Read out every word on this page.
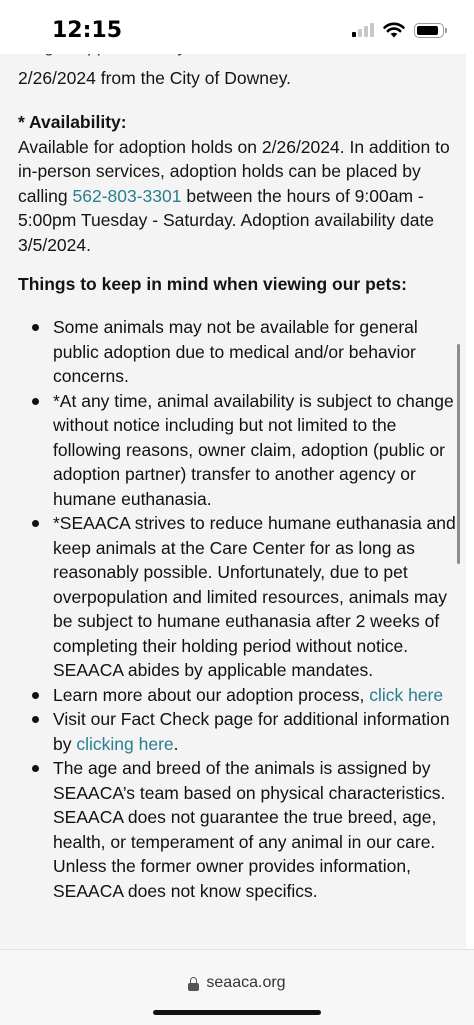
12:15
2/26/2024 from the City of Downey.
* Availability:
Available for adoption holds on 2/26/2024. In addition to in-person services, adoption holds can be placed by calling 562-803-3301 between the hours of 9:00am - 5:00pm Tuesday - Saturday. Adoption availability date 3/5/2024.
Things to keep in mind when viewing our pets:
Some animals may not be available for general public adoption due to medical and/or behavior concerns.
*At any time, animal availability is subject to change without notice including but not limited to the following reasons, owner claim, adoption (public or adoption partner) transfer to another agency or humane euthanasia.
*SEAACA strives to reduce humane euthanasia and keep animals at the Care Center for as long as reasonably possible. Unfortunately, due to pet overpopulation and limited resources, animals may be subject to humane euthanasia after 2 weeks of completing their holding period without notice. SEAACA abides by applicable mandates.
Learn more about our adoption process, click here
Visit our Fact Check page for additional information by clicking here.
The age and breed of the animals is assigned by SEAACA’s team based on physical characteristics. SEAACA does not guarantee the true breed, age, health, or temperament of any animal in our care. Unless the former owner provides information, SEAACA does not know specifics.
seaaca.org
